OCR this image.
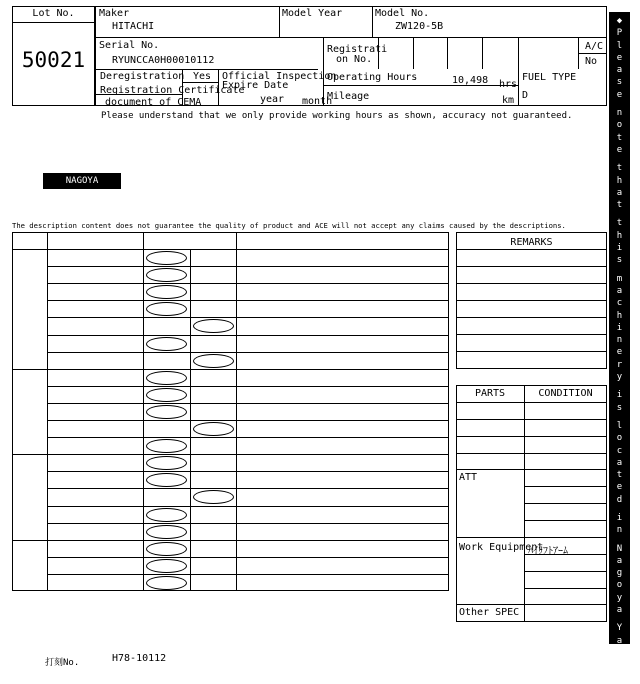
Lot No.
50021
Maker
HITACHI
Model Year	Model No.
ZW120-5B
Serial No.
RYUNCCA0H00010112
Registrati
on No.
A/C
No
Deregistration Yes
Registration Certificate
document of CEMA
Official Inspection
Expire Date
year month
Operating Hours	10,498 hrs
Mileage	km
FUEL TYPE
D
Please understand that we only provide working hours as shown, accuracy not guaranteed.
NAGOYA
The description content does not guarantee the quality of product and ACE will not accept any claims caused by the descriptions.
REMARKS
PARTS	CONDITION
ATT
Work Equipment
ﾊｲﾘﾌﾄｱｰﾑ
Other SPEC
打刻No.	H78-10112
◆
P
l
e
a
s
e

n
o
t
e

t
h
a
t

t
h
i
s

m
a
c
h
i
n
e
r
y

i
s

l
o
c
a
t
e
d

i
n

N
a
g
o
y
a

Y
a
r
d
◆
